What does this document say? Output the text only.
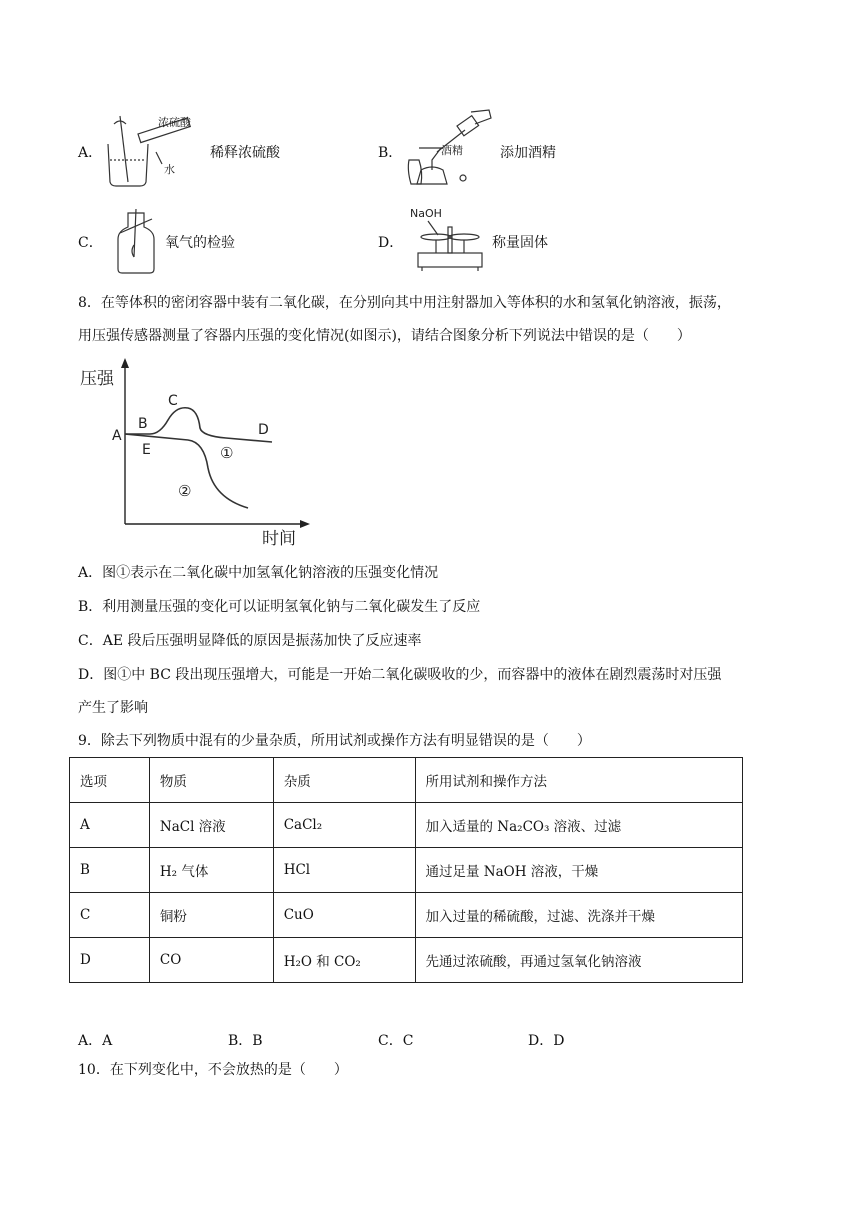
A．
浓硫酸
水
稀释浓硫酸	B．	酒精	添加酒精
C．	氧气的检验	D．
NaOH
称量固体
8．在等体积的密闭容器中装有二氧化碳，在分别向其中用注射器加入等体积的水和氢氧化钠溶液，振荡，
用压强传感器测量了容器内压强的变化情况(如图示)，请结合图象分析下列说法中错误的是（　　）
压强
时间
A
B
C
D
E	①
②
A．图①表示在二氧化碳中加氢氧化钠溶液的压强变化情况
B．利用测量压强的变化可以证明氢氧化钠与二氧化碳发生了反应
C．AE 段后压强明显降低的原因是振荡加快了反应速率
D．图①中 BC 段出现压强增大，可能是一开始二氧化碳吸收的少，而容器中的液体在剧烈震荡时对压强
产生了影响
9．除去下列物质中混有的少量杂质，所用试剂或操作方法有明显错误的是（　　）
选项	物质	杂质	所用试剂和操作方法
A	NaCl 溶液	CaCl₂	加入适量的 Na₂CO₃ 溶液、过滤
B	H₂ 气体	HCl	通过足量 NaOH 溶液，干燥
C	铜粉	CuO	加入过量的稀硫酸，过滤、洗涤并干燥
D	CO	H₂O 和 CO₂	先通过浓硫酸，再通过氢氧化钠溶液
A．A	B．B	C．C	D．D
10．在下列变化中，不会放热的是（　　）
